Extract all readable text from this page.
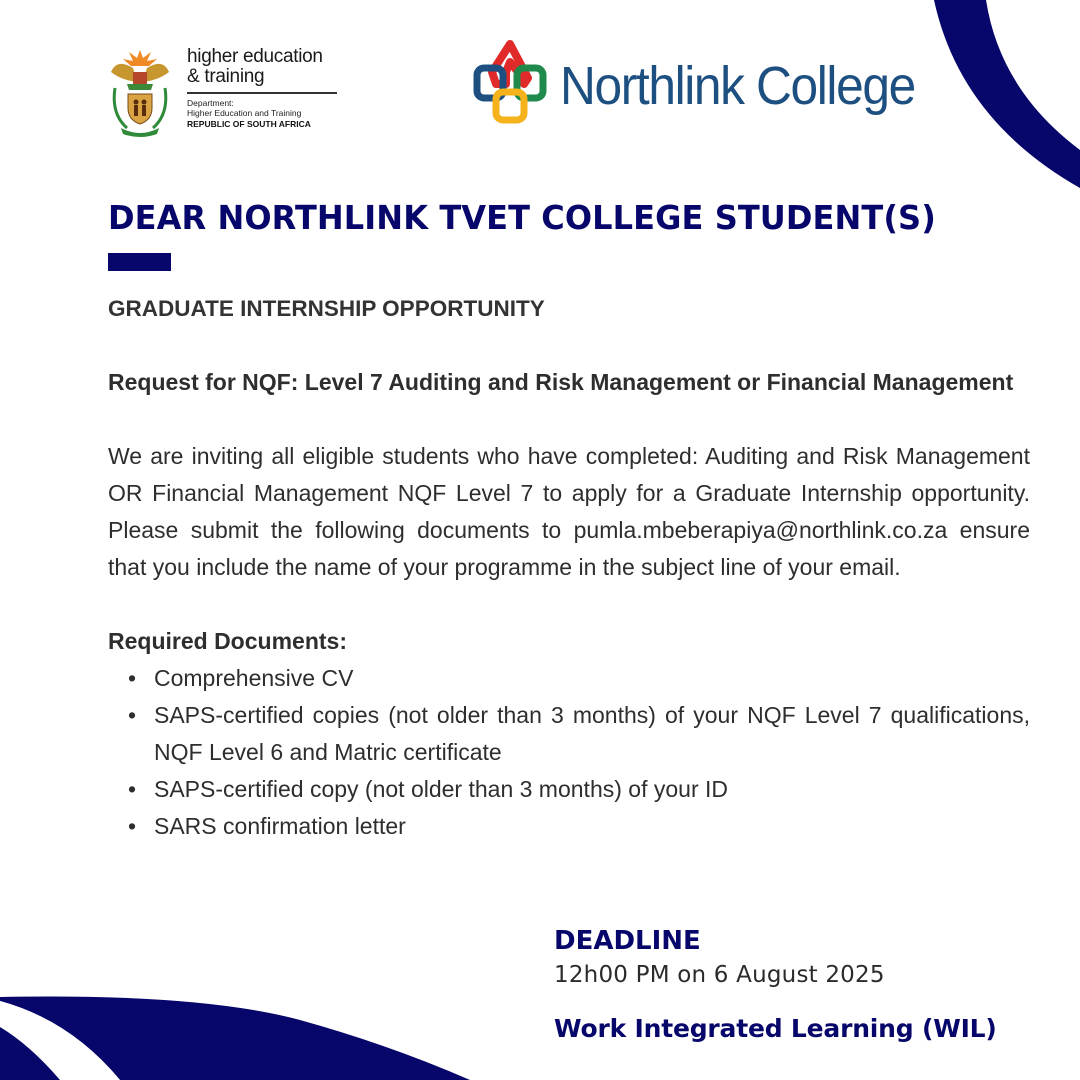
higher education
& training
Department:
Higher Education and Training
REPUBLIC OF SOUTH AFRICA
Northlink College
DEAR NORTHLINK TVET COLLEGE STUDENT(S)
GRADUATE INTERNSHIP OPPORTUNITY
Request for NQF: Level 7 Auditing and Risk Management or Financial Management
We are inviting all eligible students who have completed: Auditing and Risk Management OR Financial Management NQF Level 7 to apply for a Graduate Internship opportunity. Please submit the following documents to pumla.mbeberapiya@northlink.co.za ensure that you include the name of your programme in the subject line of your email.
Required Documents:
• Comprehensive CV
• SAPS-certified copies (not older than 3 months) of your NQF Level 7 qualifications, NQF Level 6 and Matric certificate
• SAPS-certified copy (not older than 3 months) of your ID
• SARS confirmation letter
DEADLINE
12h00 PM on 6 August 2025
Work Integrated Learning (WIL)
